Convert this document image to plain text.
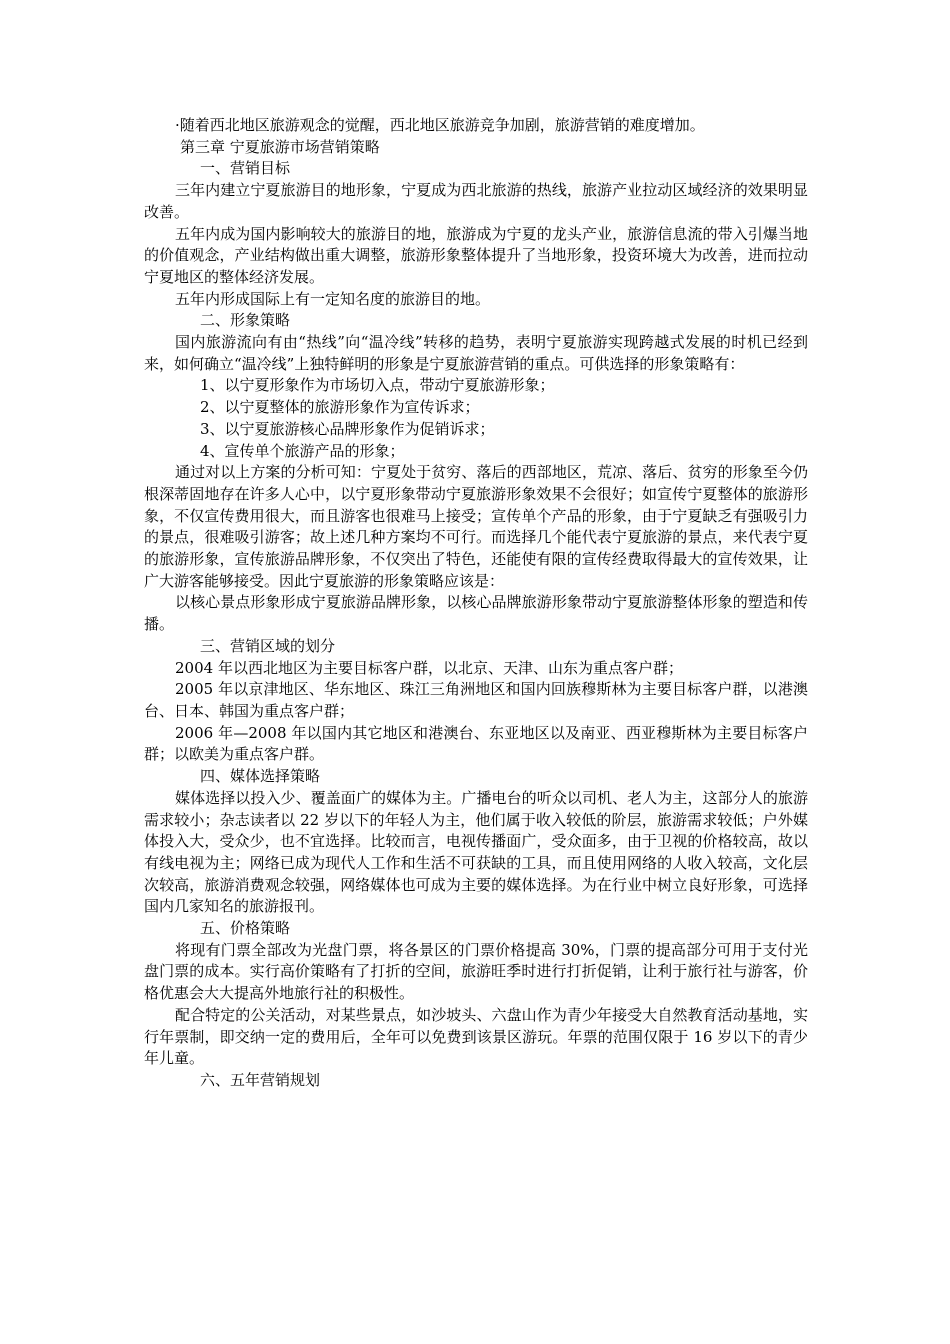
·随着西北地区旅游观念的觉醒，西北地区旅游竞争加剧，旅游营销的难度增加。

第三章 宁夏旅游市场营销策略

一、营销目标

三年内建立宁夏旅游目的地形象，宁夏成为西北旅游的热线，旅游产业拉动区域经济的效果明显改善。

五年内成为国内影响较大的旅游目的地，旅游成为宁夏的龙头产业，旅游信息流的带入引爆当地的价值观念，产业结构做出重大调整，旅游形象整体提升了当地形象，投资环境大为改善，进而拉动宁夏地区的整体经济发展。

五年内形成国际上有一定知名度的旅游目的地。

二、形象策略

国内旅游流向有由“热线”向“温冷线”转移的趋势，表明宁夏旅游实现跨越式发展的时机已经到来，如何确立“温冷线”上独特鲜明的形象是宁夏旅游营销的重点。可供选择的形象策略有：

1、以宁夏形象作为市场切入点，带动宁夏旅游形象；

2、以宁夏整体的旅游形象作为宣传诉求；

3、以宁夏旅游核心品牌形象作为促销诉求；

4、宣传单个旅游产品的形象；

通过对以上方案的分析可知：宁夏处于贫穷、落后的西部地区，荒凉、落后、贫穷的形象至今仍根深蒂固地存在许多人心中，以宁夏形象带动宁夏旅游形象效果不会很好；如宣传宁夏整体的旅游形象，不仅宣传费用很大，而且游客也很难马上接受；宣传单个产品的形象，由于宁夏缺乏有强吸引力的景点，很难吸引游客；故上述几种方案均不可行。而选择几个能代表宁夏旅游的景点，来代表宁夏的旅游形象，宣传旅游品牌形象，不仅突出了特色，还能使有限的宣传经费取得最大的宣传效果，让广大游客能够接受。因此宁夏旅游的形象策略应该是：

以核心景点形象形成宁夏旅游品牌形象，以核心品牌旅游形象带动宁夏旅游整体形象的塑造和传播。

三、营销区域的划分

2004 年以西北地区为主要目标客户群，以北京、天津、山东为重点客户群；

2005 年以京津地区、华东地区、珠江三角洲地区和国内回族穆斯林为主要目标客户群，以港澳台、日本、韩国为重点客户群；

2006 年—2008 年以国内其它地区和港澳台、东亚地区以及南亚、西亚穆斯林为主要目标客户群；以欧美为重点客户群。

四、媒体选择策略

媒体选择以投入少、覆盖面广的媒体为主。广播电台的听众以司机、老人为主，这部分人的旅游需求较小；杂志读者以 22 岁以下的年轻人为主，他们属于收入较低的阶层，旅游需求较低；户外媒体投入大，受众少，也不宜选择。比较而言，电视传播面广，受众面多，由于卫视的价格较高，故以有线电视为主；网络已成为现代人工作和生活不可获缺的工具，而且使用网络的人收入较高，文化层次较高，旅游消费观念较强，网络媒体也可成为主要的媒体选择。为在行业中树立良好形象，可选择国内几家知名的旅游报刊。

五、价格策略

将现有门票全部改为光盘门票，将各景区的门票价格提高 30%，门票的提高部分可用于支付光盘门票的成本。实行高价策略有了打折的空间，旅游旺季时进行打折促销，让利于旅行社与游客，价格优惠会大大提高外地旅行社的积极性。

配合特定的公关活动，对某些景点，如沙坡头、六盘山作为青少年接受大自然教育活动基地，实行年票制，即交纳一定的费用后，全年可以免费到该景区游玩。年票的范围仅限于 16 岁以下的青少年儿童。

六、五年营销规划
